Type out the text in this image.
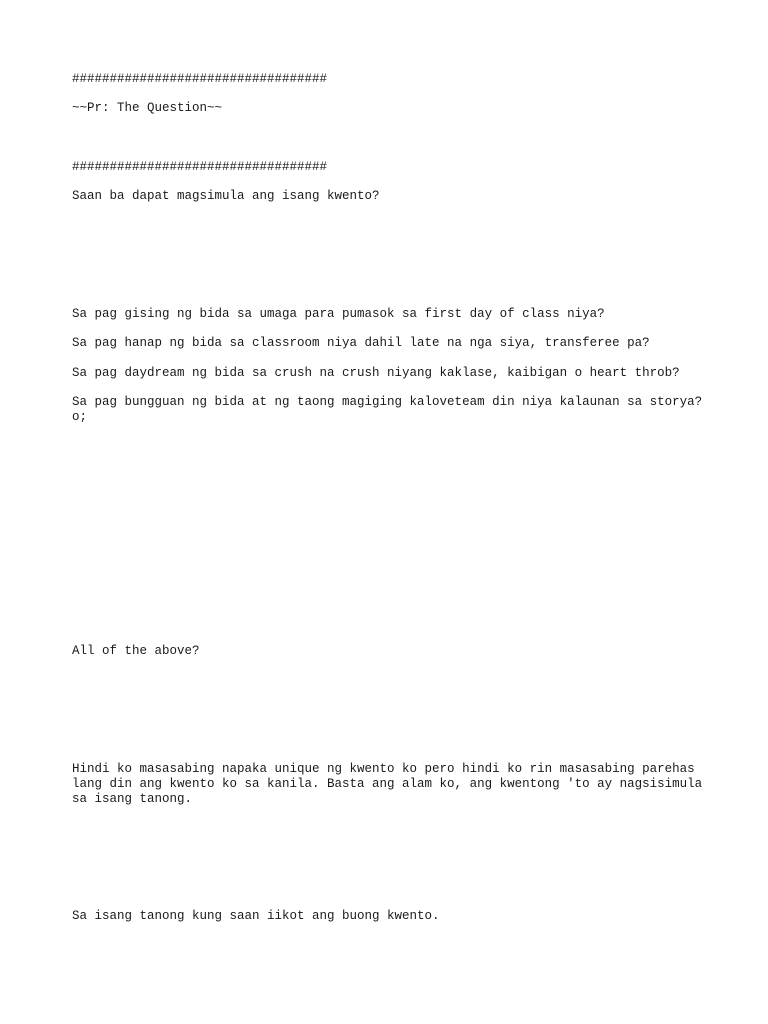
##################################

~~Pr: The Question~~

##################################

Saan ba dapat magsimula ang isang kwento?

Sa pag gising ng bida sa umaga para pumasok sa first day of class niya?

Sa pag hanap ng bida sa classroom niya dahil late na nga siya, transferee pa?

Sa pag daydream ng bida sa crush na crush niyang kaklase, kaibigan o heart throb?

Sa pag bungguan ng bida at ng taong magiging kaloveteam din niya kalaunan sa storya? o;

All of the above?

Hindi ko masasabing napaka unique ng kwento ko pero hindi ko rin masasabing parehas lang din ang kwento ko sa kanila. Basta ang alam ko, ang kwentong 'to ay nagsisimula sa isang tanong.

Sa isang tanong kung saan iikot ang buong kwento.
